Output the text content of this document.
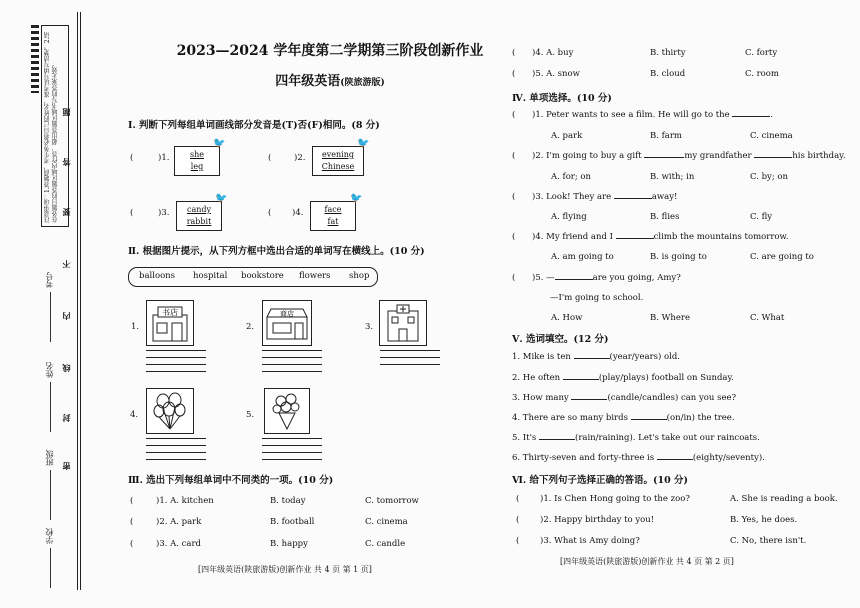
注意事项：1.答题前，考生务必将自己的姓名、准考证号填写清楚。2.请在各题目的答题区域内作答，超出答题区域书写的答案无效。 题
答
要
不
内
线
封
密
考号
姓名
班级
学校
2023—2024 学年度第二学期第三阶段创新作业
四年级英语(陕旅游版)
Ⅰ. 判断下列每组单词画线部分发音是(T)否(F)相同。(8 分)
(	)1.	she
leg
🐦
(	)2.	evening
Chinese
🐦
(	)3.	candy
rabbit
🐦
( )4.	face
fat
🐦
Ⅱ. 根据图片提示，从下列方框中选出合适的单词写在横线上。(10 分)
balloons hospital bookstore flowers shop
1.
书店
2.
商店
3.
4.	5.
Ⅲ. 选出下列每组单词中不同类的一项。(10 分)
(	)1. A. kitchen	B. today	C. tomorrow
(	)2. A. park	B. football	C. cinema
(	)3. A. card	B. happy	C. candle
[四年级英语(陕旅游版)创新作业 共 4 页 第 1 页]
( )4. A. buy	B. thirty	C. forty
( )5. A. snow	B. cloud	C. room
Ⅳ. 单项选择。(10 分)
( )1. Peter wants to see a film. He will go to the	.
A. park	B. farm	C. cinema
( )2. I'm going to buy a gift	my grandfather	his birthday.
A. for; on	B. with; in	C. by; on
( )3. Look! They are	away!
A. flying	B. flies	C. fly
( )4. My friend and I	climb the mountains tomorrow.
A. am going to	B. is going to	C. are going to
( )5. —	are you going, Amy?
—I'm going to school.
A. How	B. Where	C. What
Ⅴ. 选词填空。(12 分)
1. Mike is ten	(year/years) old.
2. He often	(play/plays) football on Sunday.
3. How many	(candle/candles) can you see?
4. There are so many birds	(on/in) the tree.
5. It's	(rain/raining). Let's take out our raincoats.
6. Thirty-seven and forty-three is	(eighty/seventy).
Ⅵ. 给下列句子选择正确的答语。(10 分)
( )1. Is Chen Hong going to the zoo?	A. She is reading a book.
( )2. Happy birthday to you!	B. Yes, he does.
( )3. What is Amy doing?	C. No, there isn't.
[四年级英语(陕旅游版)创新作业 共 4 页 第 2 页]
